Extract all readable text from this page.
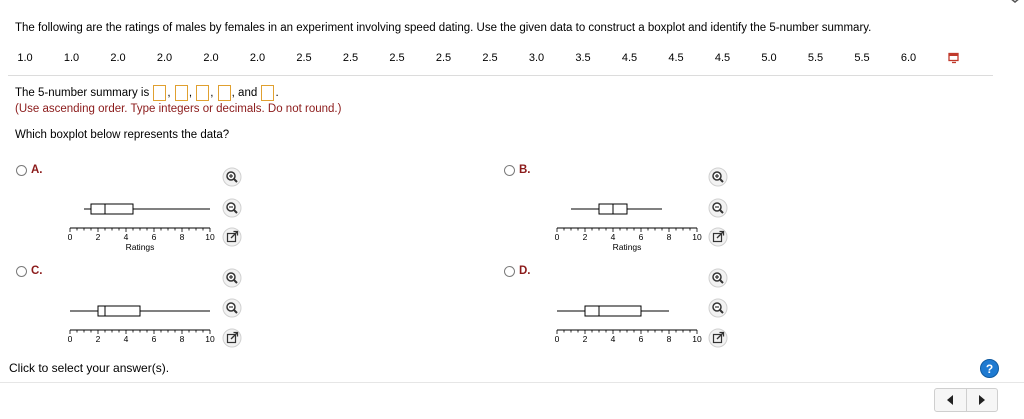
The following are the ratings of males by females in an experiment involving speed dating. Use the given data to construct a boxplot and identify the 5-number summary.
1.0	1.0	2.0	2.0	2.0	2.0	2.5	2.5	2.5	2.5	2.5	3.0	3.5	4.5	4.5	4.5	5.0	5.5	5.5	6.0
The 5-number summary is
,
,
,
,
and
.
(Use ascending order. Type integers or decimals. Do not round.)
Which boxplot below represents the data?
A.
0	2	4	6	8 10
Ratings
B.
0	2	4	6	8 10
Ratings
C.
0	2	4	6	8 10
D.
0	2	4	6	8 10
Click to select your answer(s).	?
